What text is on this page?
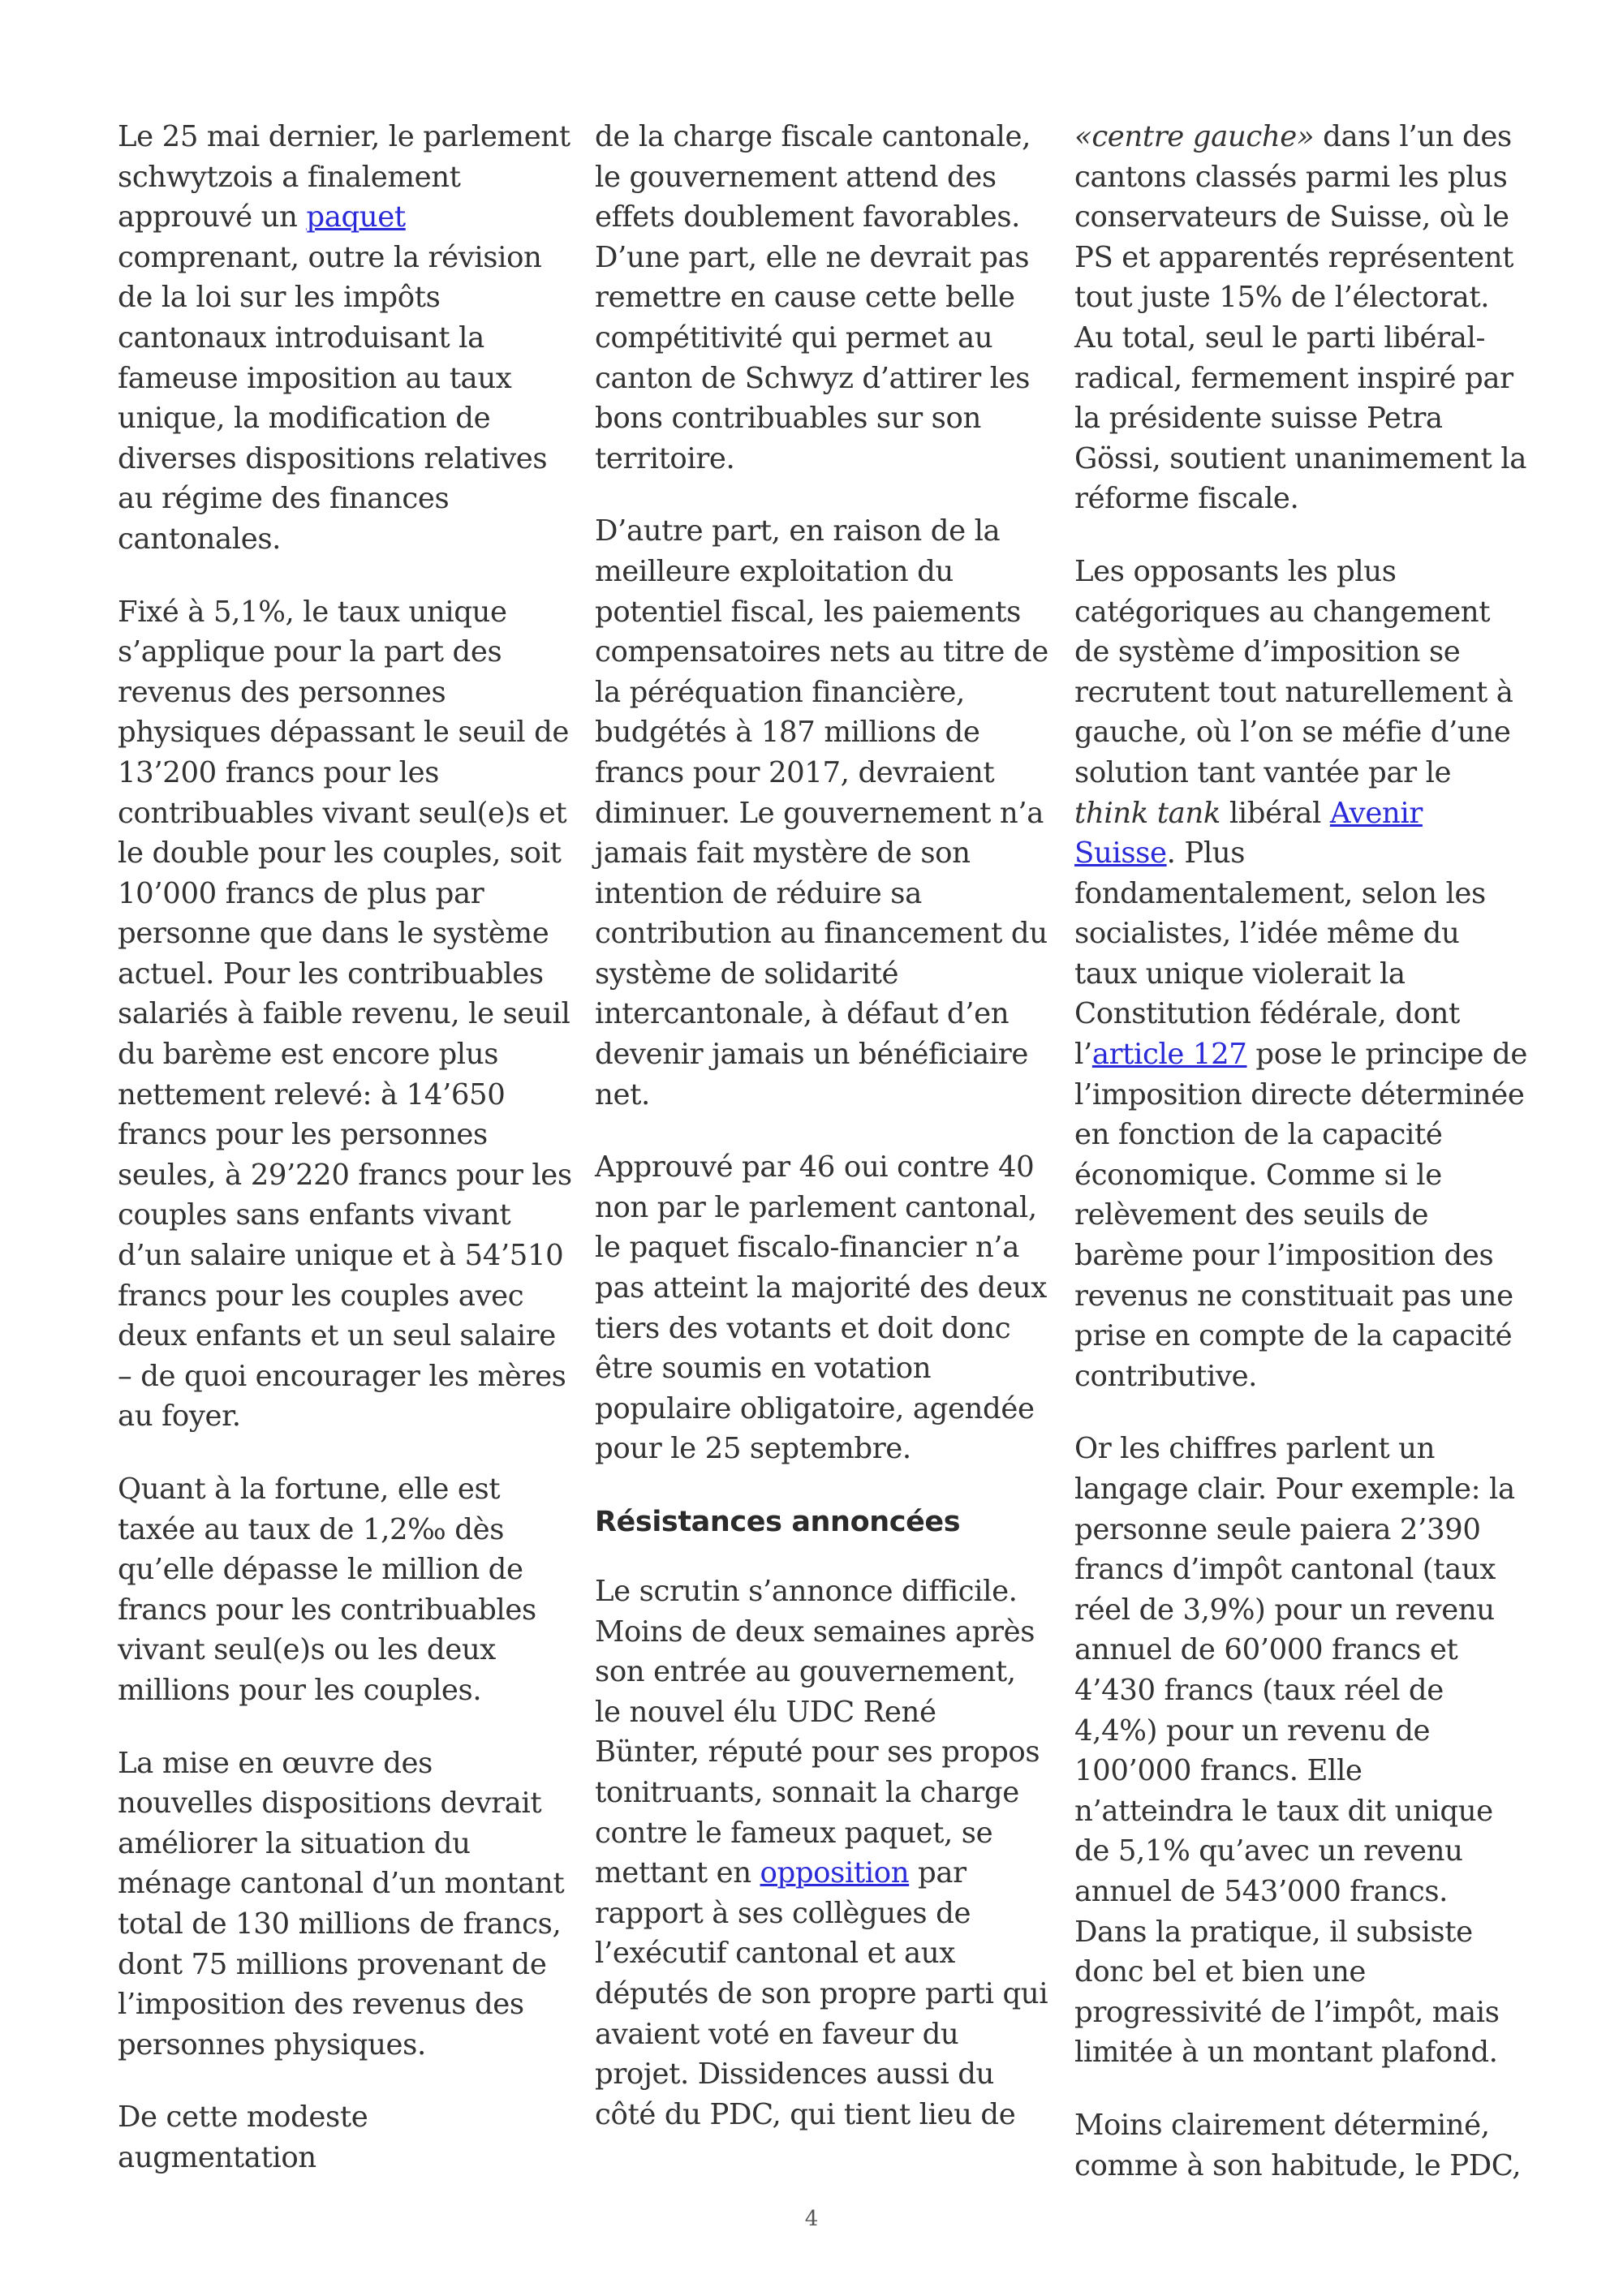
Le 25 mai dernier, le parlement schwytzois a finalement approuvé un paquet comprenant, outre la révision de la loi sur les impôts cantonaux introduisant la fameuse imposition au taux unique, la modification de diverses dispositions relatives au régime des finances cantonales.

Fixé à 5,1%, le taux unique s’applique pour la part des revenus des personnes physiques dépassant le seuil de 13’200 francs pour les contribuables vivant seul(e)s et le double pour les couples, soit 10’000 francs de plus par personne que dans le système actuel. Pour les contribuables salariés à faible revenu, le seuil du barème est encore plus nettement relevé: à 14’650 francs pour les personnes seules, à 29’220 francs pour les couples sans enfants vivant d’un salaire unique et à 54’510 francs pour les couples avec deux enfants et un seul salaire – de quoi encourager les mères au foyer.

Quant à la fortune, elle est taxée au taux de 1,2‰ dès qu’elle dépasse le million de francs pour les contribuables vivant seul(e)s ou les deux millions pour les couples.

La mise en œuvre des nouvelles dispositions devrait améliorer la situation du ménage cantonal d’un montant total de 130 millions de francs, dont 75 millions provenant de l’imposition des revenus des personnes physiques.

De cette modeste augmentation

de la charge fiscale cantonale, le gouvernement attend des effets doublement favorables. D’une part, elle ne devrait pas remettre en cause cette belle compétitivité qui permet au canton de Schwyz d’attirer les bons contribuables sur son territoire.

D’autre part, en raison de la meilleure exploitation du potentiel fiscal, les paiements compensatoires nets au titre de la péréquation financière, budgétés à 187 millions de francs pour 2017, devraient diminuer. Le gouvernement n’a jamais fait mystère de son intention de réduire sa contribution au financement du système de solidarité intercantonale, à défaut d’en devenir jamais un bénéficiaire net.

Approuvé par 46 oui contre 40 non par le parlement cantonal, le paquet fiscalo-financier n’a pas atteint la majorité des deux tiers des votants et doit donc être soumis en votation populaire obligatoire, agendée pour le 25 septembre.

Résistances annoncées

Le scrutin s’annonce difficile. Moins de deux semaines après son entrée au gouvernement, le nouvel élu UDC René Bünter, réputé pour ses propos tonitruants, sonnait la charge contre le fameux paquet, se mettant en opposition par rapport à ses collègues de l’exécutif cantonal et aux députés de son propre parti qui avaient voté en faveur du projet. Dissidences aussi du côté du PDC, qui tient lieu de

«centre gauche» dans l’un des cantons classés parmi les plus conservateurs de Suisse, où le PS et apparentés représentent tout juste 15% de l’électorat. Au total, seul le parti libéral-radical, fermement inspiré par la présidente suisse Petra Gössi, soutient unanimement la réforme fiscale.

Les opposants les plus catégoriques au changement de système d’imposition se recrutent tout naturellement à gauche, où l’on se méfie d’une solution tant vantée par le think tank libéral Avenir Suisse. Plus fondamentalement, selon les socialistes, l’idée même du taux unique violerait la Constitution fédérale, dont l’article 127 pose le principe de l’imposition directe déterminée en fonction de la capacité économique. Comme si le relèvement des seuils de barème pour l’imposition des revenus ne constituait pas une prise en compte de la capacité contributive.

Or les chiffres parlent un langage clair. Pour exemple: la personne seule paiera 2’390 francs d’impôt cantonal (taux réel de 3,9%) pour un revenu annuel de 60’000 francs et 4’430 francs (taux réel de 4,4%) pour un revenu de 100’000 francs. Elle n’atteindra le taux dit unique de 5,1% qu’avec un revenu annuel de 543’000 francs. Dans la pratique, il subsiste donc bel et bien une progressivité de l’impôt, mais limitée à un montant plafond.

Moins clairement déterminé, comme à son habitude, le PDC,

4
